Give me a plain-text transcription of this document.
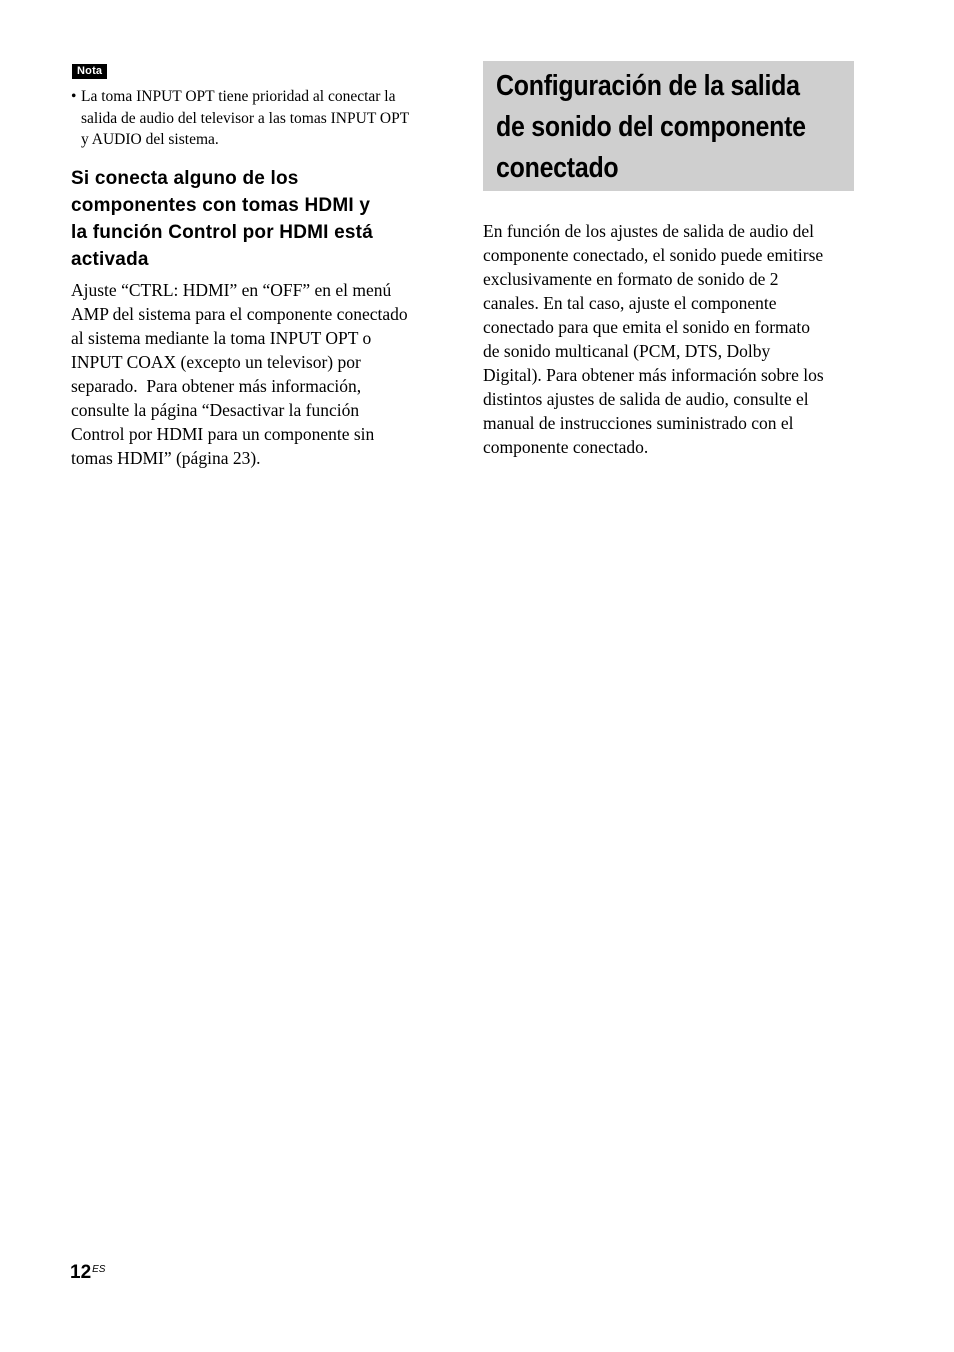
Nota
• La toma INPUT OPT tiene prioridad al conectar la
salida de audio del televisor a las tomas INPUT OPT
y AUDIO del sistema.
Si conecta alguno de los
componentes con tomas HDMI y
la función Control por HDMI está
activada
Ajuste “CTRL: HDMI” en “OFF” en el menú
AMP del sistema para el componente conectado
al sistema mediante la toma INPUT OPT o
INPUT COAX (excepto un televisor) por
separado.  Para obtener más información,
consulte la página “Desactivar la función
Control por HDMI para un componente sin
tomas HDMI” (página 23).
Configuración de la salida
de sonido del componente
conectado
En función de los ajustes de salida de audio del
componente conectado, el sonido puede emitirse
exclusivamente en formato de sonido de 2
canales. En tal caso, ajuste el componente
conectado para que emita el sonido en formato
de sonido multicanal (PCM, DTS, Dolby
Digital). Para obtener más información sobre los
distintos ajustes de salida de audio, consulte el
manual de instrucciones suministrado con el
componente conectado.
$12^{ES}$
